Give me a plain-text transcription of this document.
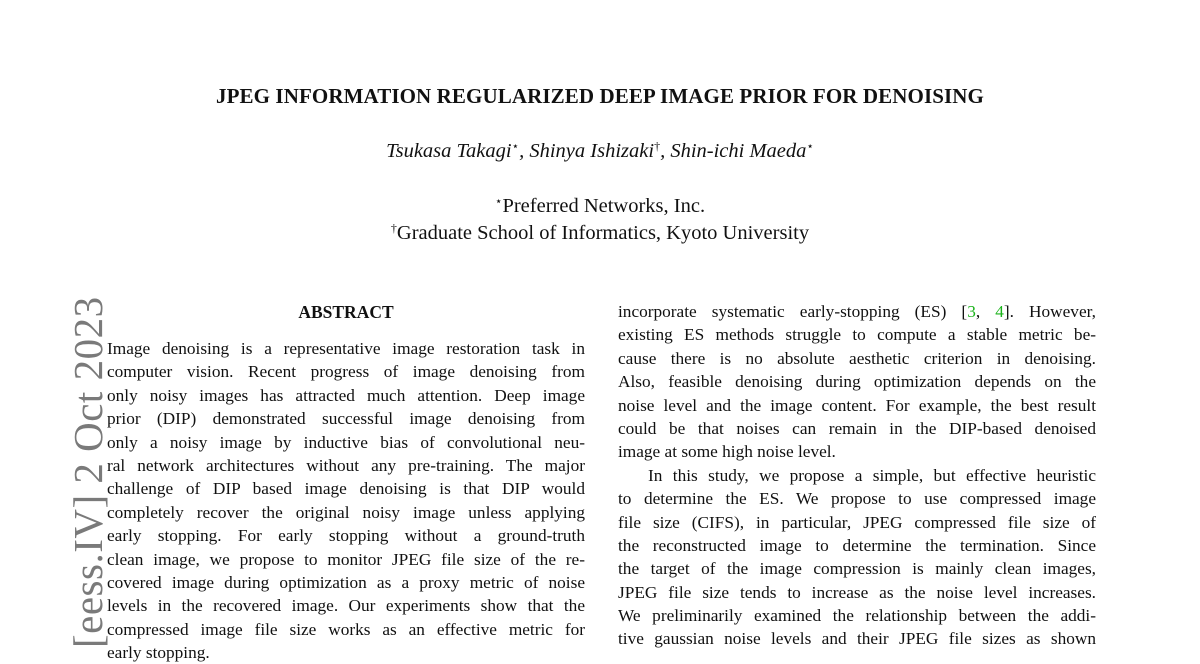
[eess.IV] 2 Oct 2023
JPEG INFORMATION REGULARIZED DEEP IMAGE PRIOR FOR DENOISING
Tsukasa Takagi⋆, Shinya Ishizaki†, Shin-ichi Maeda⋆
⋆Preferred Networks, Inc.
†Graduate School of Informatics, Kyoto University
ABSTRACT
Image denoising is a representative image restoration task in
computer vision. Recent progress of image denoising from
only noisy images has attracted much attention. Deep image
prior (DIP) demonstrated successful image denoising from
only a noisy image by inductive bias of convolutional neu-
ral network architectures without any pre-training. The major
challenge of DIP based image denoising is that DIP would
completely recover the original noisy image unless applying
early stopping. For early stopping without a ground-truth
clean image, we propose to monitor JPEG file size of the re-
covered image during optimization as a proxy metric of noise
levels in the recovered image. Our experiments show that the
compressed image file size works as an effective metric for
early stopping.
incorporate systematic early-stopping (ES) [3, 4]. However,
existing ES methods struggle to compute a stable metric be-
cause there is no absolute aesthetic criterion in denoising.
Also, feasible denoising during optimization depends on the
noise level and the image content. For example, the best result
could be that noises can remain in the DIP-based denoised
image at some high noise level.
In this study, we propose a simple, but effective heuristic
to determine the ES. We propose to use compressed image
file size (CIFS), in particular, JPEG compressed file size of
the reconstructed image to determine the termination. Since
the target of the image compression is mainly clean images,
JPEG file size tends to increase as the noise level increases.
We preliminarily examined the relationship between the addi-
tive gaussian noise levels and their JPEG file sizes as shown
